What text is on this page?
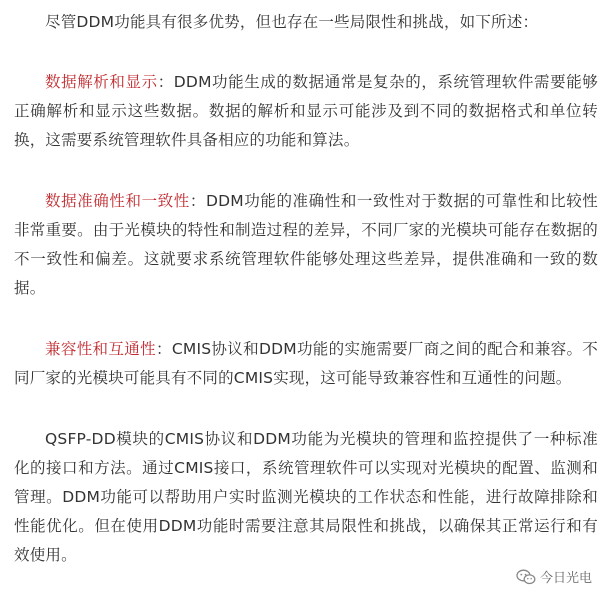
尽管DDM功能具有很多优势，但也存在一些局限性和挑战，如下所述：

数据解析和显示：DDM功能生成的数据通常是复杂的，系统管理软件需要能够正确解析和显示这些数据。数据的解析和显示可能涉及到不同的数据格式和单位转换，这需要系统管理软件具备相应的功能和算法。

数据准确性和一致性：DDM功能的准确性和一致性对于数据的可靠性和比较性非常重要。由于光模块的特性和制造过程的差异，不同厂家的光模块可能存在数据的不一致性和偏差。这就要求系统管理软件能够处理这些差异，提供准确和一致的数据。

兼容性和互通性：CMIS协议和DDM功能的实施需要厂商之间的配合和兼容。不同厂家的光模块可能具有不同的CMIS实现，这可能导致兼容性和互通性的问题。

QSFP-DD模块的CMIS协议和DDM功能为光模块的管理和监控提供了一种标准化的接口和方法。通过CMIS接口，系统管理软件可以实现对光模块的配置、监测和管理。DDM功能可以帮助用户实时监测光模块的工作状态和性能，进行故障排除和性能优化。但在使用DDM功能时需要注意其局限性和挑战，以确保其正常运行和有效使用。

今日光电
